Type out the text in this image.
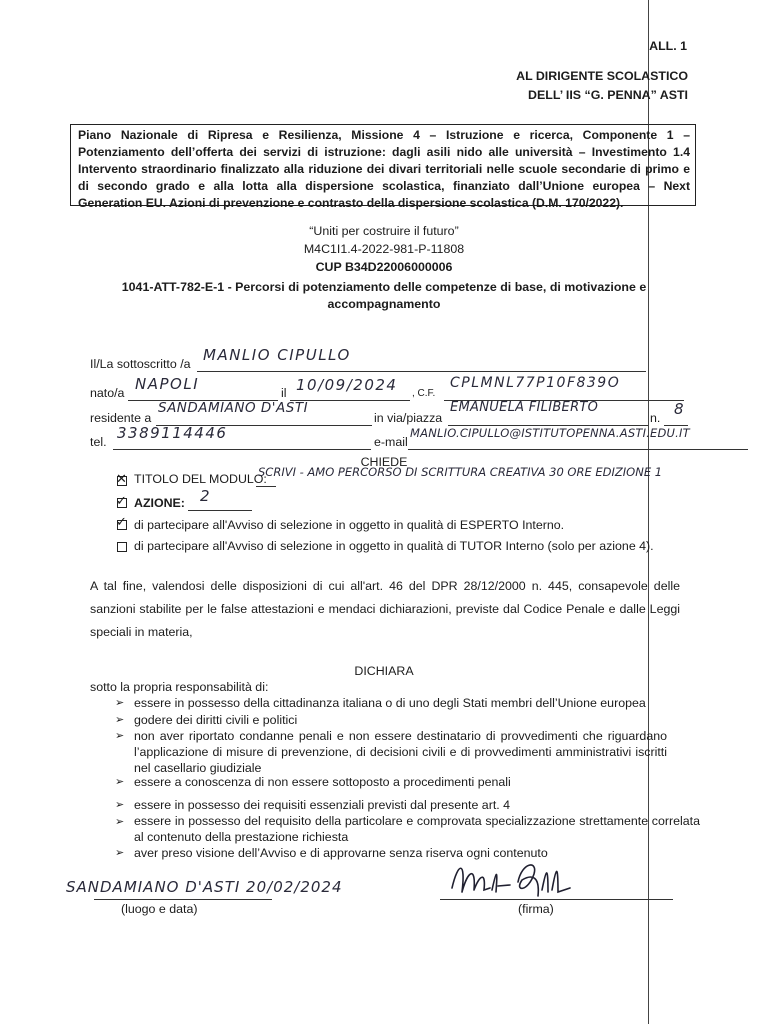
ALL. 1
AL DIRIGENTE SCOLASTICO
DELL’ IIS “G. PENNA” ASTI
Piano Nazionale di Ripresa e Resilienza, Missione 4 – Istruzione e ricerca, Componente 1 – Potenziamento dell’offerta dei servizi di istruzione: dagli asili nido alle università – Investimento 1.4 Intervento straordinario finalizzato alla riduzione dei divari territoriali nelle scuole secondarie di primo e di secondo grado e alla lotta alla dispersione scolastica, finanziato dall’Unione europea – Next Generation EU. Azioni di prevenzione e contrasto della dispersione scolastica (D.M. 170/2022).
“Uniti per costruire il futuro”
M4C1I1.4-2022-981-P-11808
CUP B34D22006000006
1041-ATT-782-E-1 - Percorsi di potenziamento delle competenze di base, di motivazione e
accompagnamento
Il/La sottoscritto /a MANLIO CIPULLO
nato/a NAPOLI	il 10/09/2024 , C.F.
CPLMNL77P10F839O
residente a
SANDAMIANO D'ASTI
in via/piazza
EMANUELA FILIBERTO
n. 8
tel. 3389114446	e-mail
MANLIO.CIPULLO@ISTITUTOPENNA.ASTI.EDU.IT
CHIEDE
✕ TITOLO DEL MODULO:
SCRIVI - AMO PERCORSO DI SCRITTURA CREATIVA 30 ORE EDIZIONE 1
✓ AZIONE: 2
✓ di partecipare all'Avviso di selezione in oggetto in qualità di ESPERTO Interno.
di partecipare all'Avviso di selezione in oggetto in qualità di TUTOR Interno (solo per azione 4).
A tal fine, valendosi delle disposizioni di cui all'art. 46 del DPR 28/12/2000 n. 445, consapevole delle sanzioni stabilite per le false attestazioni e mendaci dichiarazioni, previste dal Codice Penale e dalle Leggi speciali in materia,
DICHIARA
sotto la propria responsabilità di:
➢ essere in possesso della cittadinanza italiana o di uno degli Stati membri dell’Unione europea
➢ godere dei diritti civili e politici
➢ non aver riportato condanne penali e non essere destinatario di provvedimenti che riguardano l’applicazione di misure di prevenzione, di decisioni civili e di provvedimenti amministrativi iscritti nel casellario giudiziale
➢ essere a conoscenza di non essere sottoposto a procedimenti penali
➢ essere in possesso dei requisiti essenziali previsti dal presente art. 4
➢ essere in possesso del requisito della particolare e comprovata specializzazione strettamente correlata al contenuto della prestazione richiesta
➢ aver preso visione dell’Avviso e di approvarne senza riserva ogni contenuto
SANDAMIANO D'ASTI 20/02/2024
(luogo e data)	(firma)
